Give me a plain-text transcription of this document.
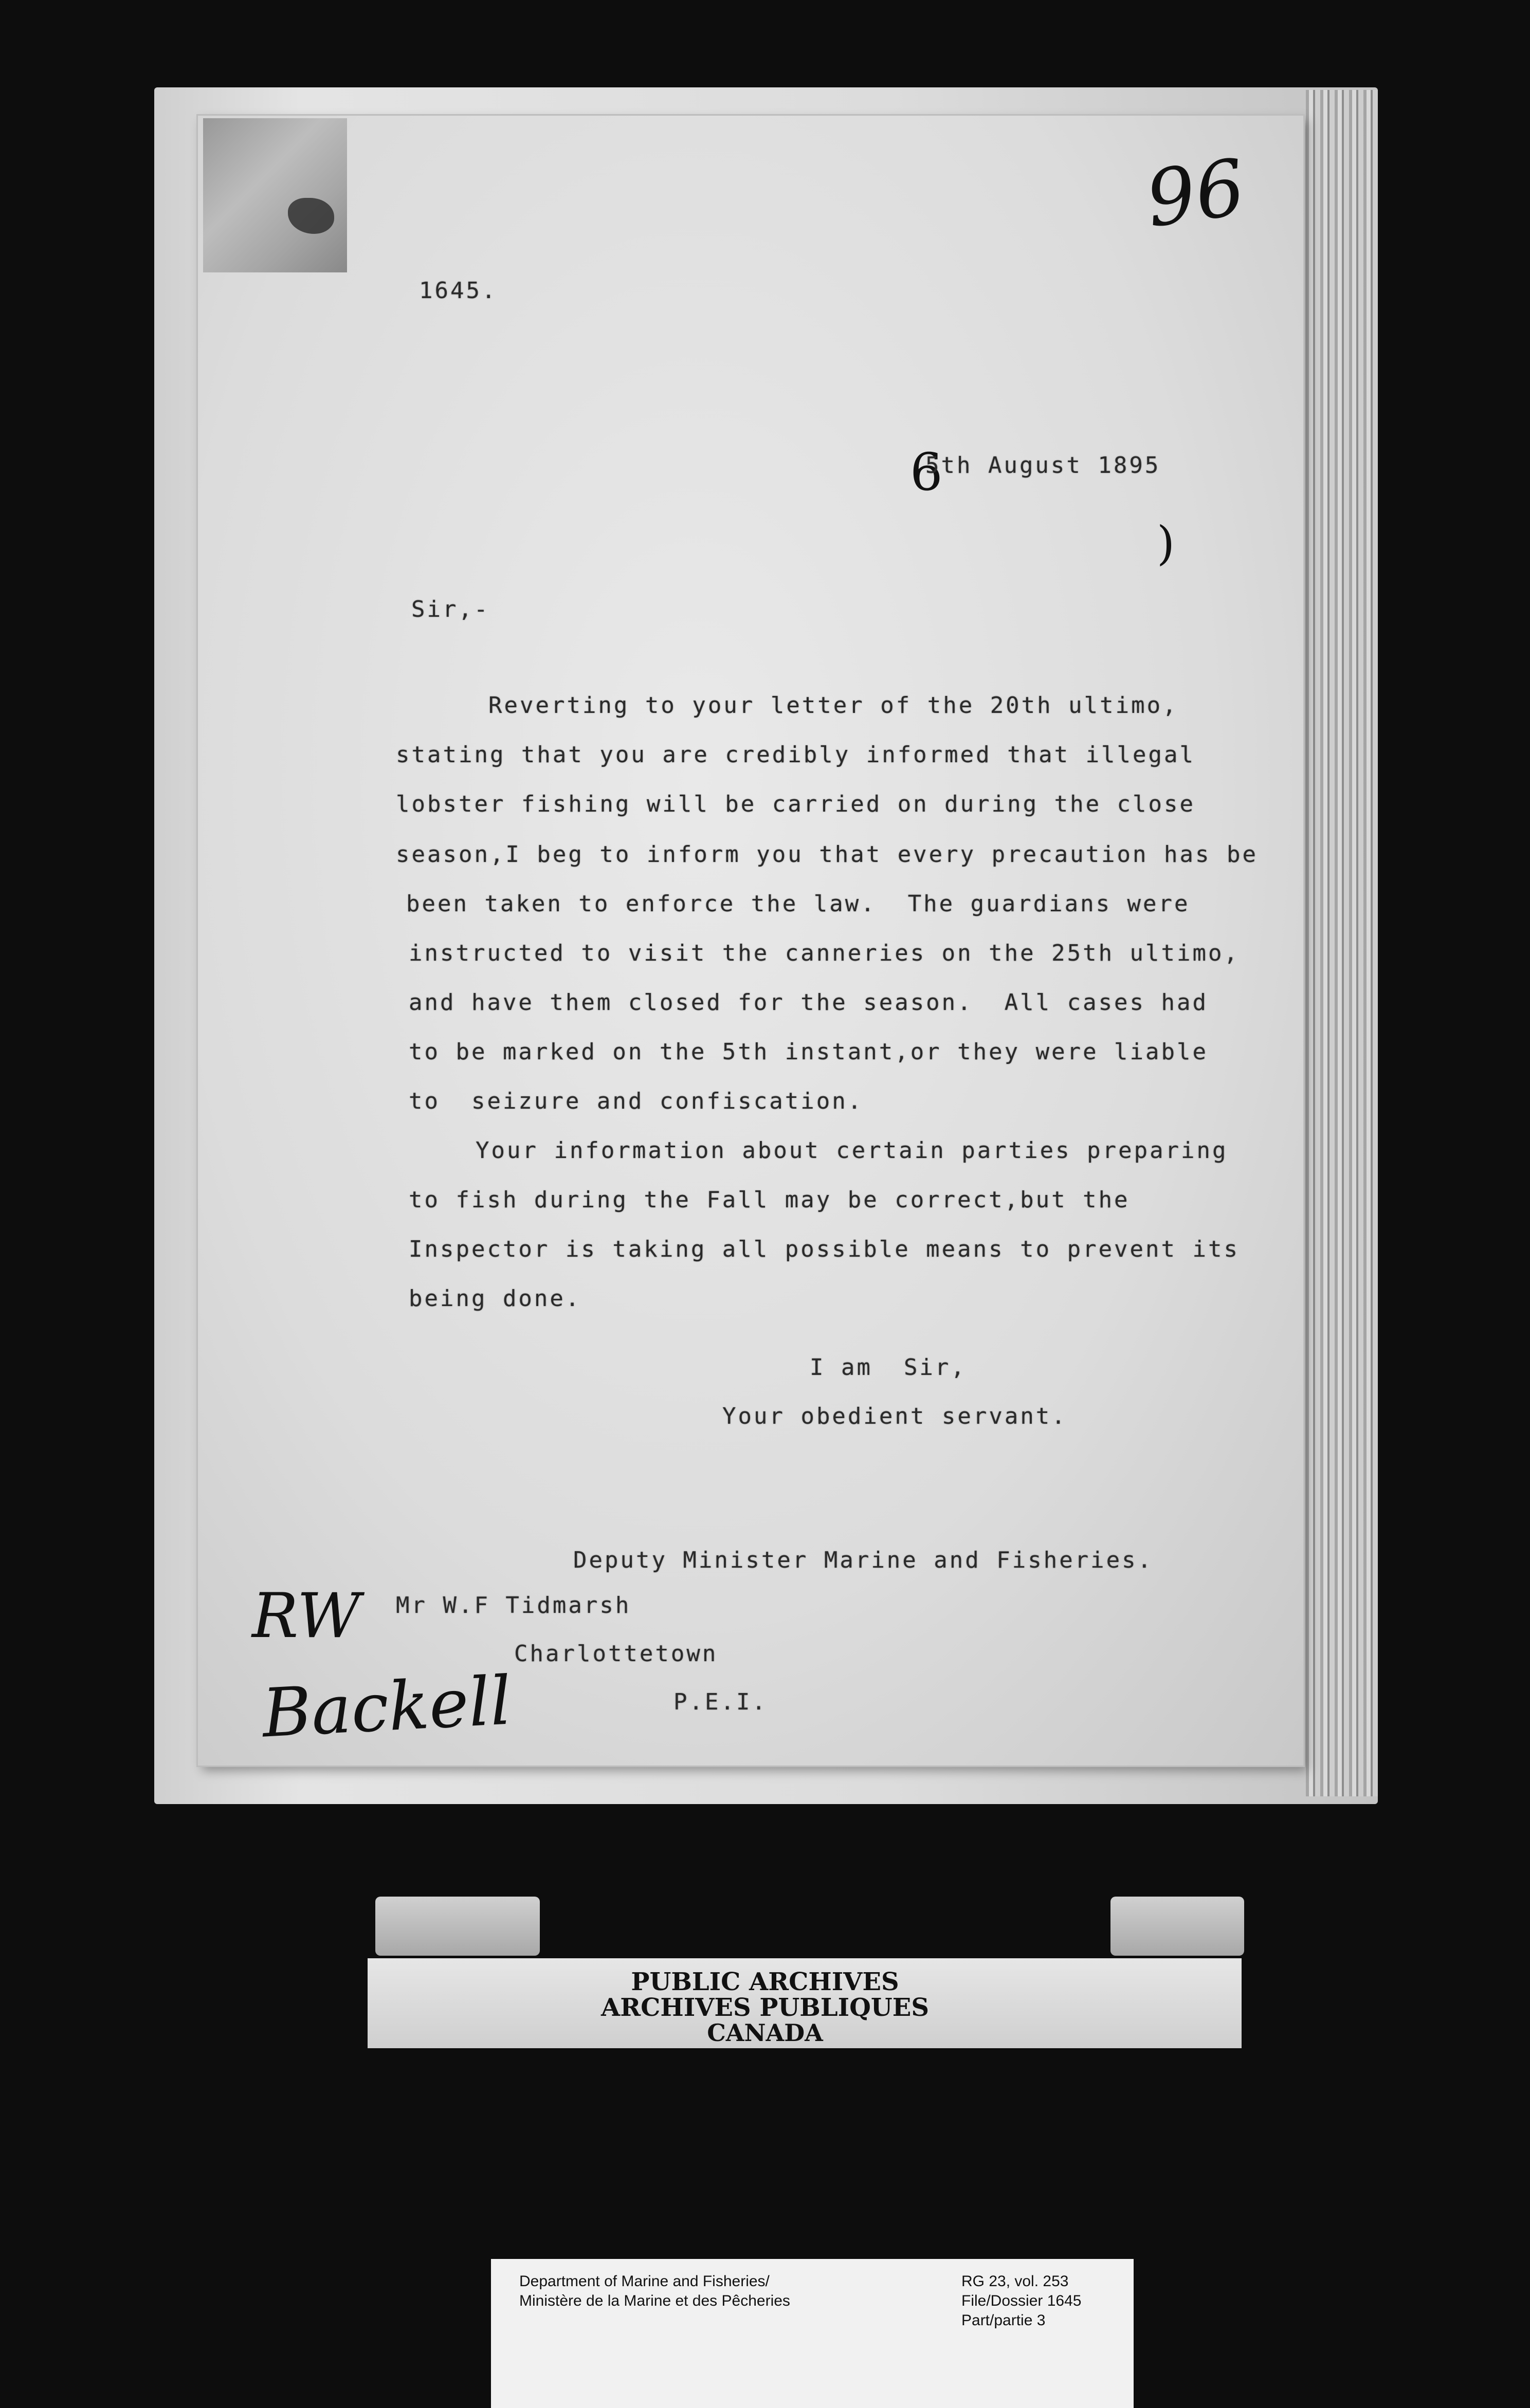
96
1645.
6
5th August 1895
)
Sir,-
Reverting to your letter of the 20th ultimo,
stating that you are credibly informed that illegal
lobster fishing will be carried on during the close
season,I beg to inform you that every precaution has be
been taken to enforce the law.  The guardians were
instructed to visit the canneries on the 25th ultimo,
and have them closed for the season.  All cases had
to be marked on the 5th instant,or they were liable
to  seizure and confiscation.
Your information about certain parties preparing
to fish during the Fall may be correct,but the
Inspector is taking all possible means to prevent its
being done.
I am  Sir,
Your obedient servant.
Deputy Minister Marine and Fisheries.
Mr W.F Tidmarsh
Charlottetown
P.E.I.
RW
Backell
Department of Marine and Fisheries/
Ministère de la Marine et des Pêcheries
RG 23, vol. 253
File/Dossier 1645
Part/partie 3
PUBLIC ARCHIVES
ARCHIVES PUBLIQUES
CANADA
